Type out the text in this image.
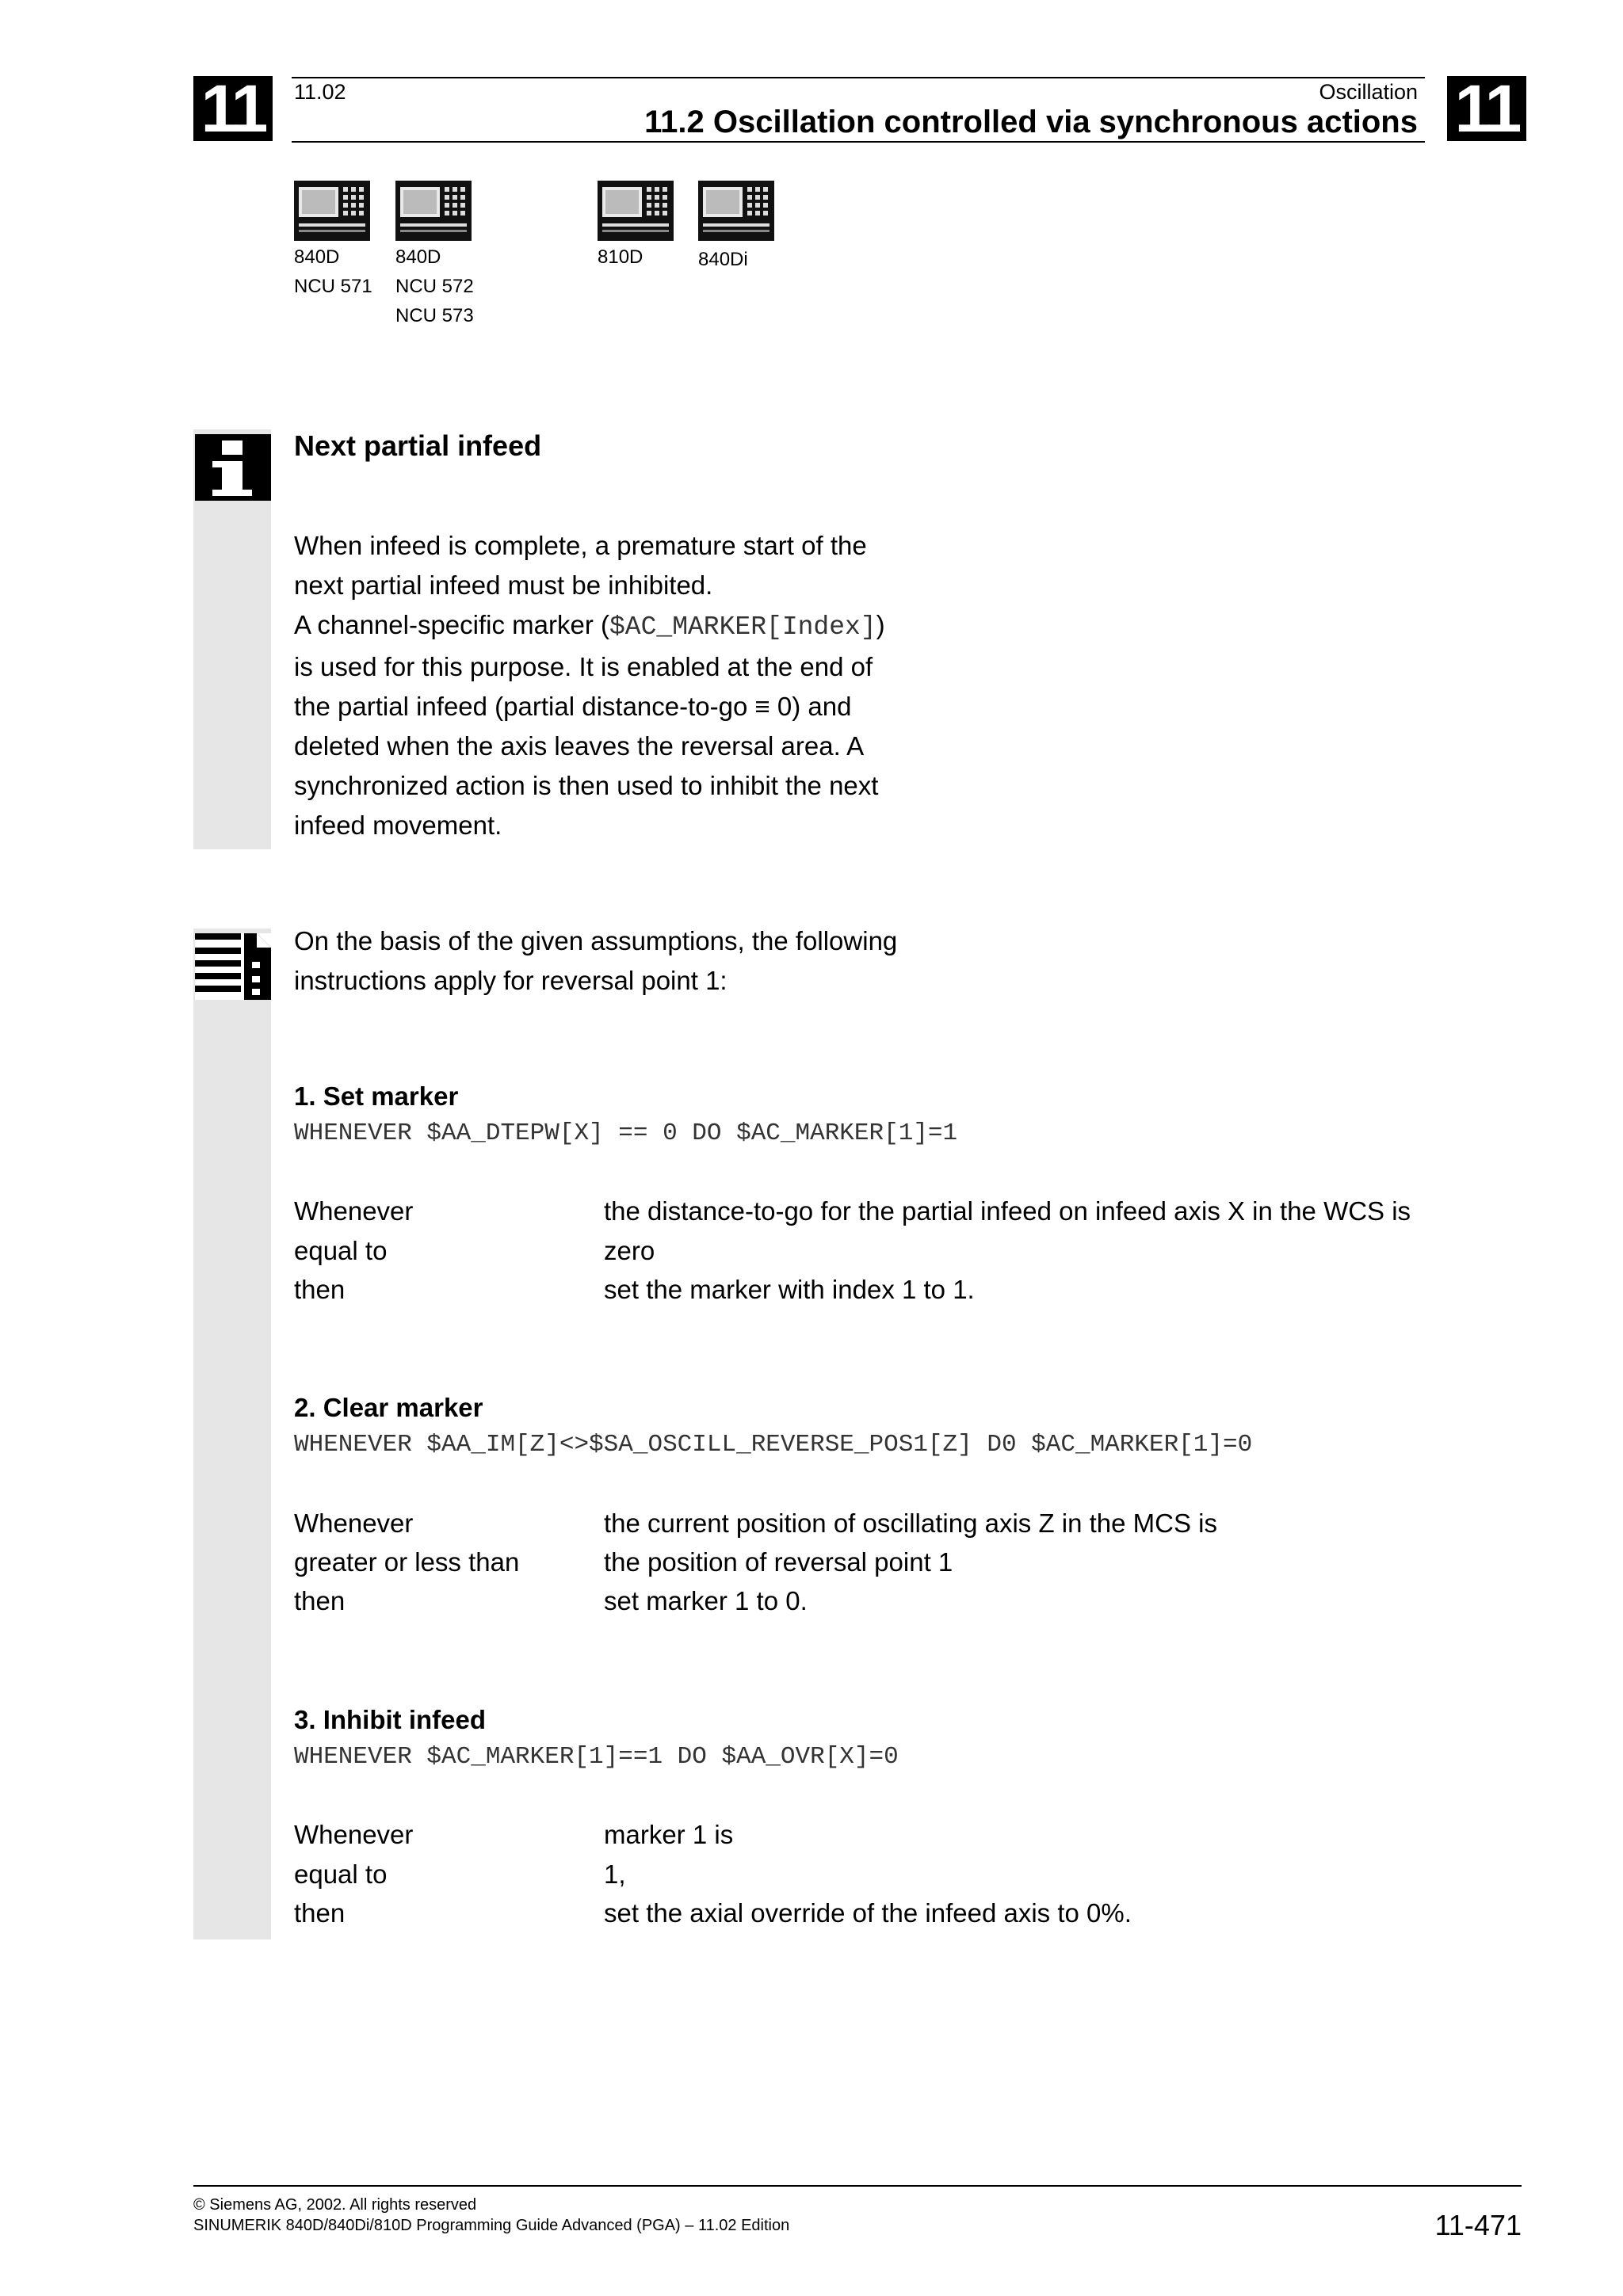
11	11
11.02	Oscillation
11.2 Oscillation controlled via synchronous actions
840D
NCU 571
840D
NCU 572
NCU 573
810D	840Di
Next partial infeed
When infeed is complete, a premature start of the
next partial infeed must be inhibited.
A channel-specific marker ($AC_MARKER[Index])
is used for this purpose. It is enabled at the end of
the partial infeed (partial distance-to-go ≡ 0) and
deleted when the axis leaves the reversal area. A
synchronized action is then used to inhibit the next
infeed movement.
On the basis of the given assumptions, the following
instructions apply for reversal point 1:
1. Set marker
WHENEVER $AA_DTEPW[X] == 0 DO $AC_MARKER[1]=1
Whenever	the distance-to-go for the partial infeed on infeed axis X in the WCS is
equal to	zero
then	set the marker with index 1 to 1.
2. Clear marker
WHENEVER $AA_IM[Z]<>$SA_OSCILL_REVERSE_POS1[Z] D0 $AC_MARKER[1]=0
Whenever	the current position of oscillating axis Z in the MCS is
greater or less than	the position of reversal point 1
then	set marker 1 to 0.
3. Inhibit infeed
WHENEVER $AC_MARKER[1]==1 DO $AA_OVR[X]=0
Whenever	marker 1 is
equal to	1,
then	set the axial override of the infeed axis to 0%.
© Siemens AG, 2002. All rights reserved
SINUMERIK 840D/840Di/810D Programming Guide Advanced (PGA) – 11.02 Edition	11-471
